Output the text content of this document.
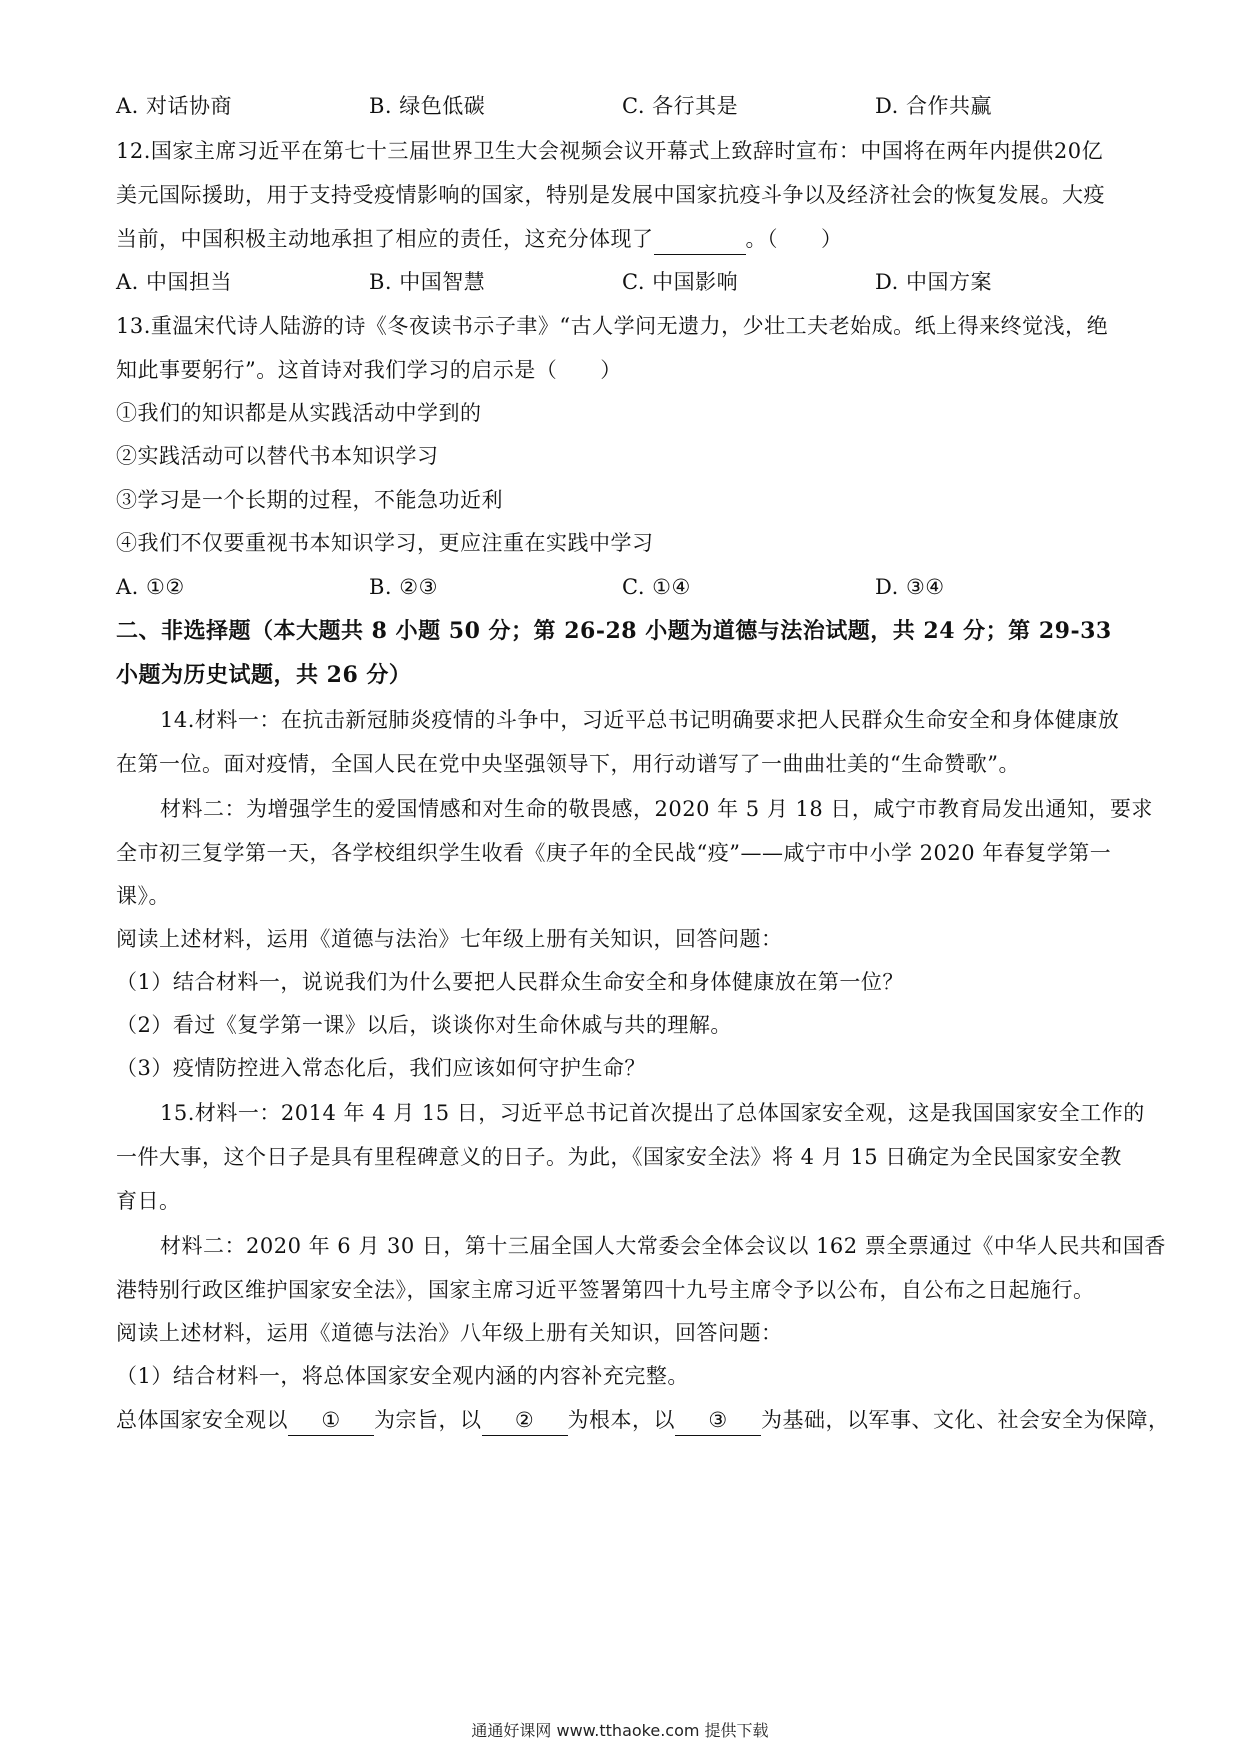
A. 对话协商	B. 绿色低碳	C. 各行其是	D. 合作共赢
12.国家主席习近平在第七十三届世界卫生大会视频会议开幕式上致辞时宣布：中国将在两年内提供20亿
美元国际援助，用于支持受疫情影响的国家，特别是发展中国家抗疫斗争以及经济社会的恢复发展。大疫
当前，中国积极主动地承担了相应的责任，这充分体现了	。（　　）
A. 中国担当	B. 中国智慧	C. 中国影响	D. 中国方案
13.重温宋代诗人陆游的诗《冬夜读书示子聿》“古人学问无遗力，少壮工夫老始成。纸上得来终觉浅，绝
知此事要躬行”。这首诗对我们学习的启示是（　　）
①我们的知识都是从实践活动中学到的
②实践活动可以替代书本知识学习
③学习是一个长期的过程，不能急功近利
④我们不仅要重视书本知识学习，更应注重在实践中学习
A. ①②	B. ②③	C. ①④	D. ③④
二、非选择题（本大题共 8 小题 50 分；第 26-28 小题为道德与法治试题，共 24 分；第 29-33
小题为历史试题，共 26 分）
14.材料一：在抗击新冠肺炎疫情的斗争中，习近平总书记明确要求把人民群众生命安全和身体健康放
在第一位。面对疫情，全国人民在党中央坚强领导下，用行动谱写了一曲曲壮美的“生命赞歌”。
材料二：为增强学生的爱国情感和对生命的敬畏感，2020 年 5 月 18 日，咸宁市教育局发出通知，要求
全市初三复学第一天，各学校组织学生收看《庚子年的全民战“疫”——咸宁市中小学 2020 年春复学第一
课》。
阅读上述材料，运用《道德与法治》七年级上册有关知识，回答问题：
（1）结合材料一，说说我们为什么要把人民群众生命安全和身体健康放在第一位？
（2）看过《复学第一课》以后，谈谈你对生命休戚与共的理解。
（3）疫情防控进入常态化后，我们应该如何守护生命？
15.材料一：2014 年 4 月 15 日，习近平总书记首次提出了总体国家安全观，这是我国国家安全工作的
一件大事，这个日子是具有里程碑意义的日子。为此，《国家安全法》将 4 月 15 日确定为全民国家安全教
育日。
材料二：2020 年 6 月 30 日，第十三届全国人大常委会全体会议以 162 票全票通过《中华人民共和国香
港特别行政区维护国家安全法》，国家主席习近平签署第四十九号主席令予以公布，自公布之日起施行。
阅读上述材料，运用《道德与法治》八年级上册有关知识，回答问题：
（1）结合材料一，将总体国家安全观内涵的内容补充完整。
总体国家安全观以 ① 为宗旨，以 ② 为根本，以 ③ 为基础，以军事、文化、社会安全为保障，
通通好课网 www.tthaoke.com 提供下载
